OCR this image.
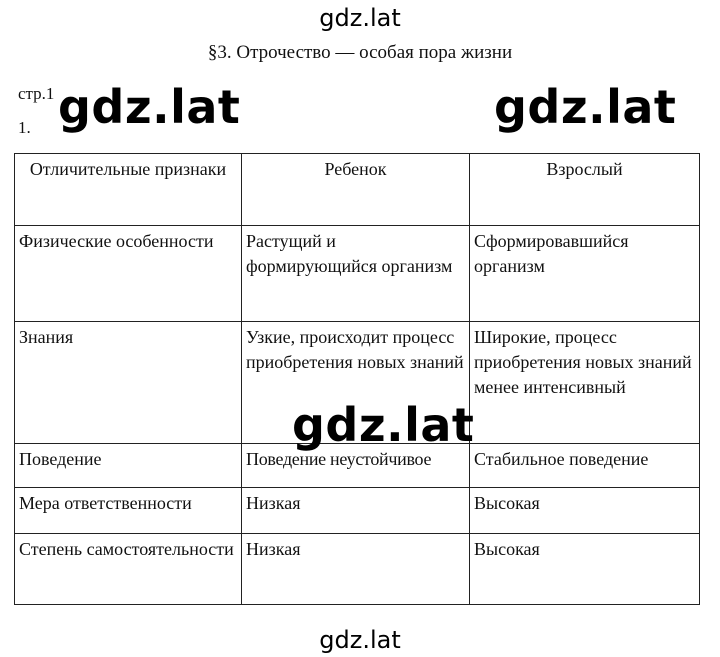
gdz.lat
§3. Отрочество — особая пора жизни
стр.1
1. gdz.lat	gdz.lat
Отличительные признаки	Ребенок	Взрослый
Физические особенности	Растущий и формирующийся организм	Сформировавшийся организм
Знания	Узкие, происходит процесс приобретения новых знаний	Широкие, процесс приобретения новых знаний менее интенсивный
Поведение	Поведение неустойчивое	Стабильное поведение
Мера ответственности	Низкая	Высокая
Степень самостоятельности	Низкая	Высокая
gdz.lat
gdz.lat
